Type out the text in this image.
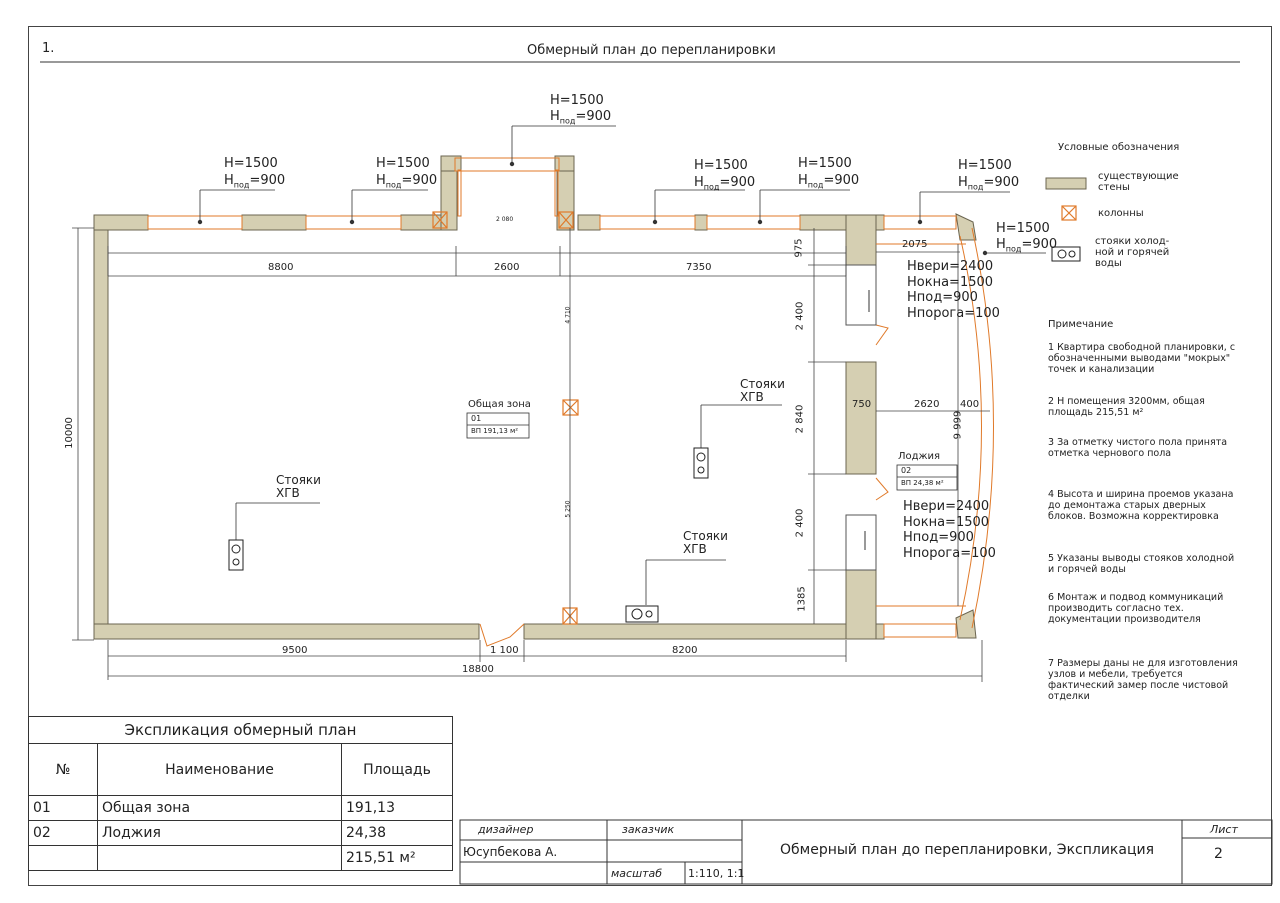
1.	Обмерный план до перепланировки
H=1500
$H_{под}=900$
H=1500
$H_{под}=900$
H=1500
$H_{под}=900$
H=1500
$H_{под}=900$
H=1500
$H_{под}=900$
H=1500
$H_{под}=900$
H=1500
$H_{под}=900$
8800	2600	7350
2 080
9500	1 100	8200
18800
10000
975
2 400
2 840
2 400
1385
2075
750	2620 400
9 999
4 710
5 250
Hвери=2400
Hокна=1500
Hпод=900
Hпорога=100
Hвери=2400
Hокна=1500
Hпод=900
Hпорога=100
Общая зона
01
ВП 191,13 м²
Лоджия
02
ВП 24,38 м²
Стояки
ХГВ
Стояки
ХГВ
Стояки
ХГВ
Условные обозначения
существующие
стены
колонны
стояки холод-
ной и горячей
воды
Примечание
1 Квартира свободной планировки, с обозначенными выводами "мокрых" точек и канализации
2 H помещения 3200мм, общая площадь 215,51 м²
3 За отметку чистого пола принята отметка чернового пола
4 Высота и ширина проемов указана до демонтажа старых дверных блоков. Возможна корректировка
5 Указаны выводы стояков холодной и горячей воды
6 Монтаж и подвод коммуникаций производить согласно тех. документации производителя
7 Размеры даны не для изготовления узлов и мебели, требуется фактический замер после чистовой отделки
Экспликация обмерный план		
№	Наименование	Площадь
01	Общая зона	191,13
02	Лоджия	24,38
		215,51 м²
дизайнер	заказчик
Юсупбекова А.
масштаб 1:110, 1:1
Обмерный план до перепланировки, Экспликация
Лист
2
